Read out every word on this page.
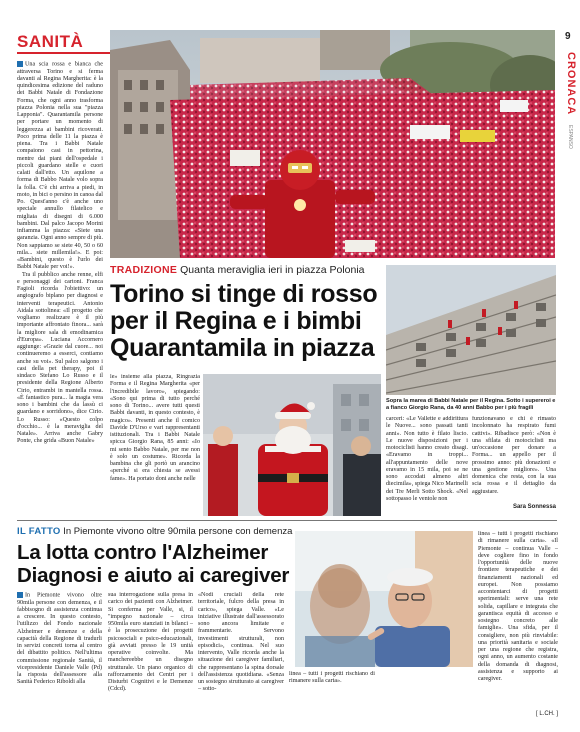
SANITÀ	9
CRONACA
ESPANSO

Una scia rossa e bianca che attraversa Torino e si ferma davanti al Regina Margherita: è la quindicesima edizione del raduno dei Babbi Natale di Fondazione Forma, che ogni anno trasforma piazza Polonia nella sua "piazza Lapponia". Quarantamila persone per portare un momento di leggerezza ai bambini ricoverati. Poco prima delle 11 la piazza è piena. Tra i Babbi Natale compaiono casi in pettorina, mentre dai piani dell'ospedale i piccoli guardano stelle e cuori calati dall'etto. Un aquilone a forma di Babbo Natale volo sopra la folla. C'è chi arriva a piedi, in moto, in bici o persino in canoa dal Po. Quest'anno c'è anche uno speciale annullo filatelico e migliaia di disegni di 6.000 bambini. Dal palco Jacopo Morini infiamma la piazza: «Siete una garanzia. Ogni anno sempre di più. Non sappiamo se siete 40, 50 o 60 mila... siete millemila!». E poi: «Bambini, questo è l'urlo dei Babbi Natale per voi!».

Tra il pubblico anche renne, elfi e personaggi dei cartoni. Franca Fagioli ricorda l'obiettivo: un angiografo biplano per diagnosi e interventi terapeutici. Antonio Aidala sottolinea: «Il progetto che vogliamo realizzare è il più importante affrontato finora... sarà la migliore sala di emodinamica d'Europa». Luciana Accornero aggiunge: «Grazie dal cuore... noi continueremo a esserci, contiamo anche su voi». Sul palco salgono i casi della pet therapy, poi il sindaco Stefano Lo Russo e il presidente della Regione Alberto Cirio, entrambi in mantella rossa. «È fantastico pura... la magia vera sono i bambini che da lassù ci guardano e sorridono», dice Cirio. Lo Russo: «Questo colpo d'occhio... è la meraviglia del Natale». Arriva anche Gabry Ponte, che grida «Buon Natale»

TRADIZIONE Quanta meraviglia ieri in piazza Polonia
Torino si tinge di rosso
per il Regina e i bimbi
Quarantamila in piazza

le» insieme alla piazza, Ringrazia Forma e il Regina Margherita «per l'incredibile lavoro», spiegando: «Sono qui prima di tutto perché sono di Torino... avere tutti questi Babbi davanti, in questo contesto, è magico». Presenti anche il comico Davide D'Urso e vari rappresentanti istituzionali. Tra i Babbi Natale spicca Giorgio Rana, 85 anni: «Io mi sento Babbo Natale, per me non è solo un costume». Ricorda la bambina che gli portò un arancino «perché si era chiesta se avessi fame». Ha portato doni anche nelle

Sopra la marea di Babbi Natale per il Regina. Sotto i supereroi e a fianco Giorgio Rana, da 40 anni Babbo per i più fragili

carceri: «Le Vallette e addirittura le Nuove... sono passati tanti anni». Non tutto è filato liscio. Le nuove disposizioni per i motociclisti hanno creato disagi. «Eravamo in troppi... all'appuntamento delle nove eravamo in 15 mila, poi se ne sono accodati almeno altri diecimila», spiega Nico Marinelli dei Tre Merli Sotto Shock. «Nel sottopasso le ventole non

funzionavano e chi è rimasto incolonnato ha respirato fumi cattivi». Ribadisce però: «Non è una sfilata di motociclisti ma un'occasione per donare a Forma... un appello per il prossimo anno: più donazioni e una gestione migliore». Una domenica che resta, con la sua scia rossa e il dettaglio da aggiustare.

Sara Sonnessa
IL FATTO In Piemonte vivono oltre 90mila persone con demenza
La lotta contro l'Alzheimer
Diagnosi e aiuto ai caregiver

In Piemonte vivono oltre 90mila persone con demenza, e il fabbisogno di assistenza continua a crescere. In questo contesto, l'utilizzo del Fondo nazionale Alzheimer e demenze e della capacità della Regione di tradurli in servizi concreti torna al centro del dibattito politico. Nell'ultima commissione regionale Sanità, il vicepresidente Daniele Valle (Pd) la risposta dell'assessore alla Sanità Federico Riboldi alla

sua interrogazione sulla presa in carico dei pazienti con Alzheimer. Si conferma per Valle, si, il "impegno nazionale – circa 950mila euro stanziati in bilanci – è la prosecuzione dei progetti psicosociali e psico-educazionali, già avviati presso le 19 unità operative coinvolte. Ma manchereebbe un disegno strutturale. Un piano organico di rafforzamento dei Centri per i Disturbi Cognitivi e le Demenze (Cdcd).

«Nodi cruciali della rete territoriale, fulcro della presa in carico», spiega Valle. «Le iniziative illustrate dall'assessorato sono ancora limitate e frammentarie. Servono investimenti strutturali, non episodici», continua. Nel suo intervento, Valle ricorda anche la situazione dei caregiver familiari, che rappresentano la spina dorsale dell'assistenza quotidiana. «Senza un sostegno strutturato ai caregiver – sotto-

linea – tutti i progetti rischiano di rimanere sulla carta».

linea – tutti i progetti rischiano di rimanere sulla carta». «Il Piemonte – continua Valle – deve cogliere fino in fondo l'opportunità delle nuove frontiere terapeutiche e dei finanziamenti nazionali ed europei. Non possiamo accontentarci di progetti sperimentali: serve una rete solida, capillare e integrata che garantisca equità di accesso e sostegno concreto alle famiglie». Una sfida, per il consigliere, non più rinviabile: una priorità sanitaria e sociale per una regione che registra, ogni anno, un aumento costante della domanda di diagnosi, assistenza e supporto ai caregiver.

[ L.CH. ]
